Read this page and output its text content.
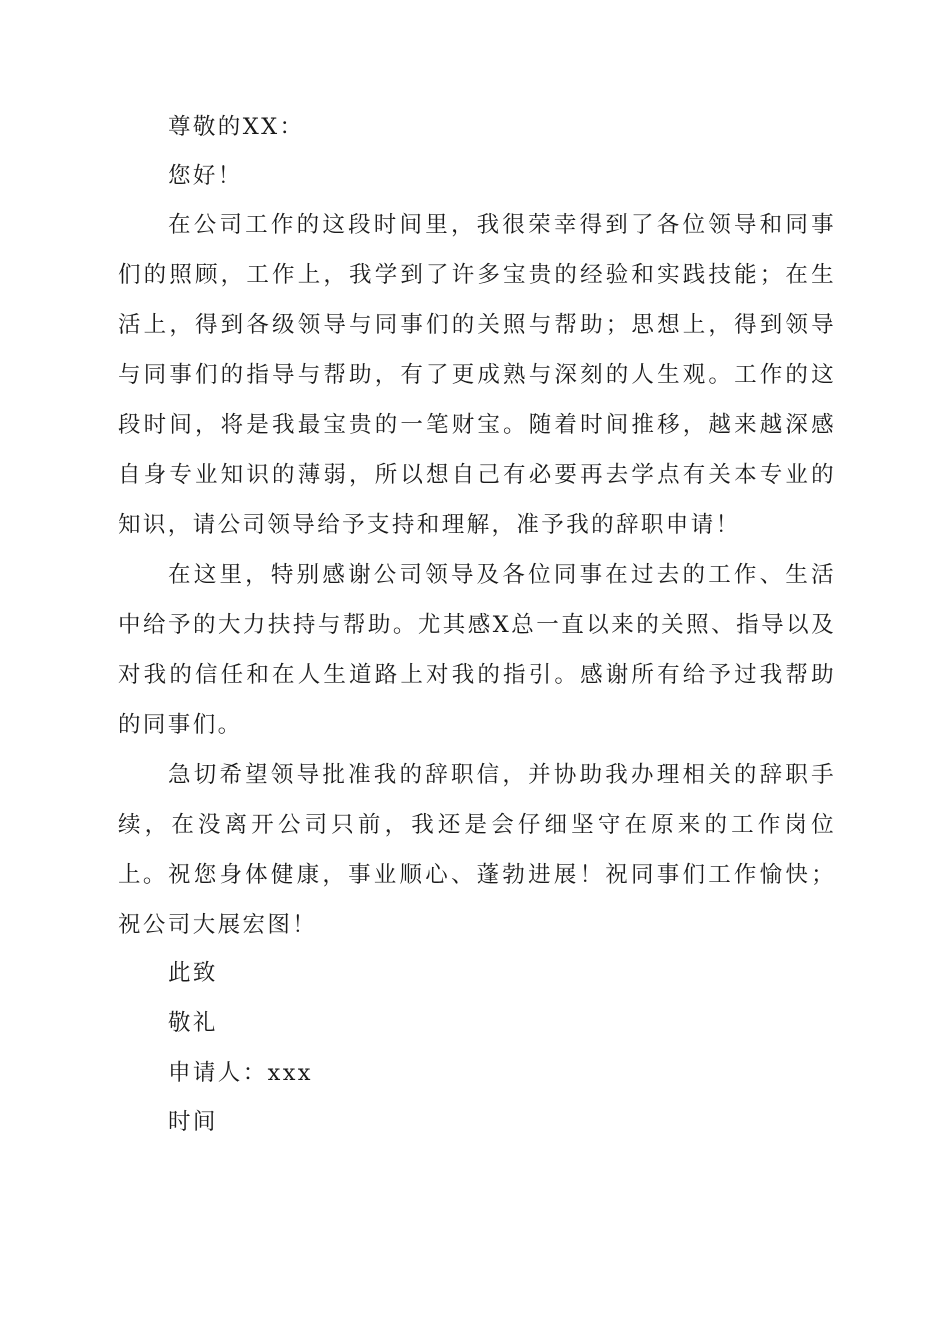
尊敬的XX：

您好！

在公司工作的这段时间里，我很荣幸得到了各位领导和同事们的照顾，工作上，我学到了许多宝贵的经验和实践技能；在生活上，得到各级领导与同事们的关照与帮助；思想上，得到领导与同事们的指导与帮助，有了更成熟与深刻的人生观。工作的这段时间，将是我最宝贵的一笔财宝。随着时间推移，越来越深感自身专业知识的薄弱，所以想自己有必要再去学点有关本专业的知识，请公司领导给予支持和理解，准予我的辞职申请！

在这里，特别感谢公司领导及各位同事在过去的工作、生活中给予的大力扶持与帮助。尤其感X总一直以来的关照、指导以及对我的信任和在人生道路上对我的指引。感谢所有给予过我帮助的同事们。

急切希望领导批准我的辞职信，并协助我办理相关的辞职手续，在没离开公司只前，我还是会仔细坚守在原来的工作岗位上。 祝您身体健康，事业顺心、蓬勃进展！祝同事们工作愉快；祝公司大展宏图！

此致

敬礼

申请人：xxx

时间
